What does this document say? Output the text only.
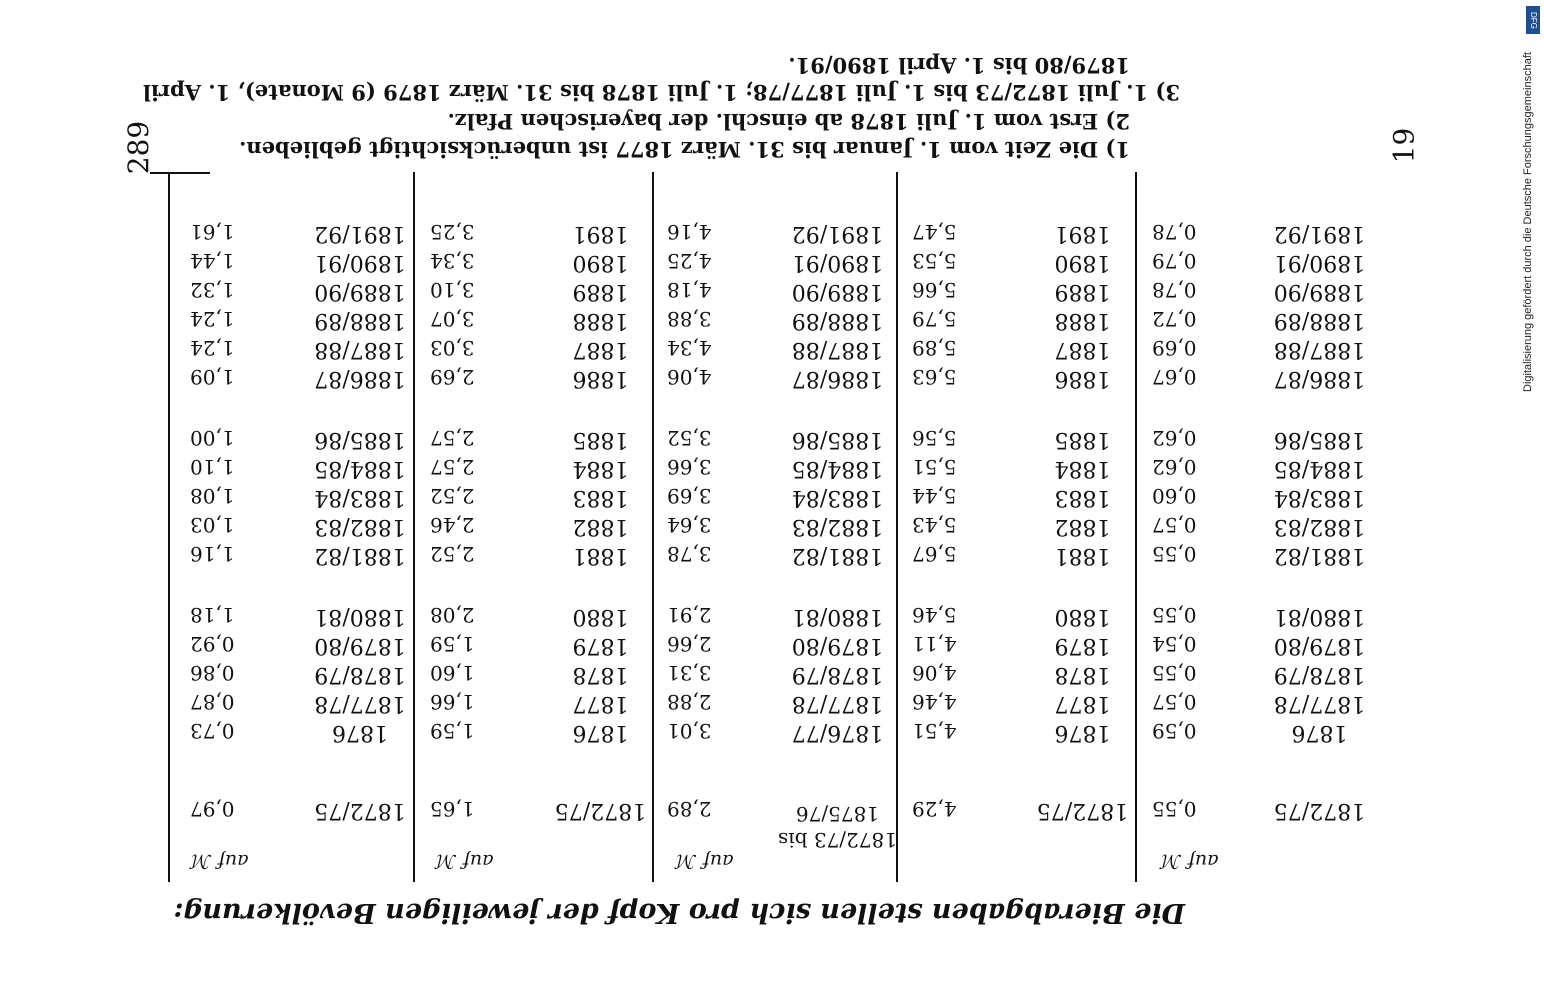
Die Bierabgaben stellen sich pro Kopf der jeweiligen Bevölkerung:
auf ℳ
auf ℳ
auf ℳ
auf ℳ
1872/75
1876
1877/78
1878/79
1879/80
1880/81
1881/82
1882/83
1883/84
1884/85
1885/86
1886/87
1887/88
1888/89
1889/90
1890/91
1891/92
0,55
0,59
0,57
0,55
0,54
0,55
0,55
0,57
0,60
0,62
0,62
0,67
0,69
0,72
0,78
0,79
0,78
1872/75
1876
1877
1878
1879
1880
1881
1882
1883
1884
1885
1886
1887
1888
1889
1890
1891
4,29
4,51
4,46
4,06
4,11
5,46
5,67
5,43
5,44
5,51
5,56
5,63
5,89
5,79
5,66
5,53
5,47
1872/73 bis 1875/76
1876/77
1877/78
1878/79
1879/80
1880/81
1881/82
1882/83
1883/84
1884/85
1885/86
1886/87
1887/88
1888/89
1889/90
1890/91
1891/92
2,89
3,01
2,88
3,31
2,66
2,91
3,78
3,64
3,69
3,66
3,52
4,06
4,34
3,88
4,18
4,25
4,16
1872/75
1876
1877
1878
1879
1880
1881
1882
1883
1884
1885
1886
1887
1888
1889
1890
1891
1,65
1,59
1,66
1,60
1,59
2,08
2,52
2,46
2,52
2,57
2,57
2,69
3,03
3,07
3,10
3,34
3,25
1872/75
1876
1877/78
1878/79
1879/80
1880/81
1881/82
1882/83
1883/84
1884/85
1885/86
1886/87
1887/88
1888/89
1889/90
1890/91
1891/92
0,97
0,73
0,87
0,86
0,92
1,18
1,16
1,03
1,08
1,10
1,00
1,09
1,24
1,24
1,32
1,44
1,61
1) Die Zeit vom 1. Januar bis 31. März 1877 ist unberücksichtigt geblieben.
2) Erst vom 1. Juli 1878 ab einschl. der bayerischen Pfalz.
3) 1. Juli 1872/73 bis 1. Juli 1877/78; 1. Juli 1878 bis 31. März 1879 (9 Monate), 1. April
1879/80 bis 1. April 1890/91.
289	19
DFG
Digitalisierung gefördert durch die Deutsche Forschungsgemeinschaft
